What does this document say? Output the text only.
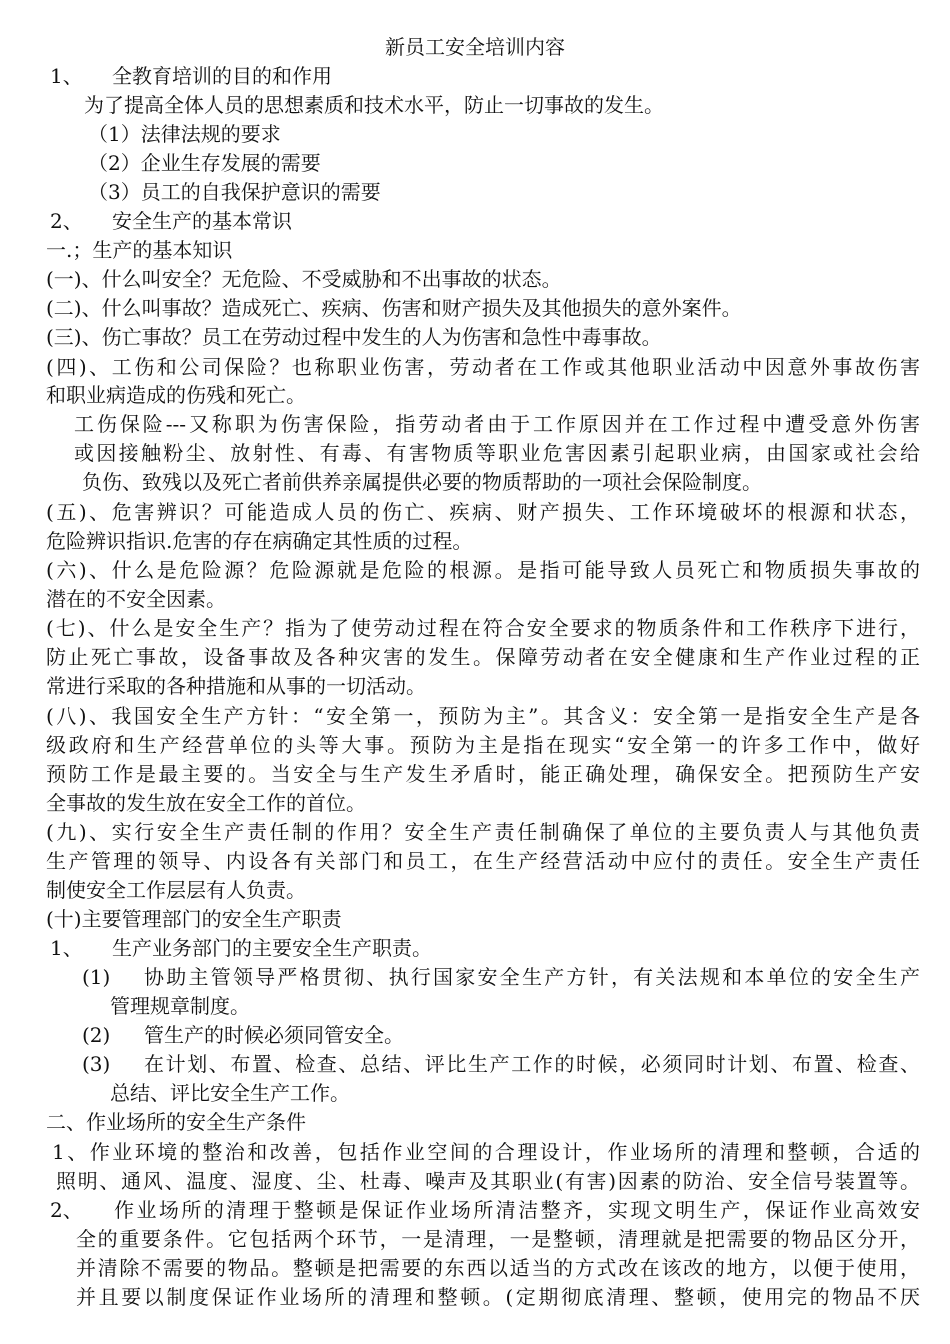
新员工安全培训内容
1、 全教育培训的目的和作用
为了提高全体人员的思想素质和技术水平，防止一切事故的发生。
（1）法律法规的要求
（2）企业生存发展的需要
（3）员工的自我保护意识的需要
2、 安全生产的基本常识
一.；生产的基本知识
(一)、什么叫安全？无危险、不受威胁和不出事故的状态。
(二)、什么叫事故？造成死亡、疾病、伤害和财产损失及其他损失的意外案件。
(三)、伤亡事故？员工在劳动过程中发生的人为伤害和急性中毒事故。
(四)、工伤和公司保险？也称职业伤害，劳动者在工作或其他职业活动中因意外事故伤害
和职业病造成的伤残和死亡。
工伤保险---又称职为伤害保险，指劳动者由于工作原因并在工作过程中遭受意外伤害
或因接触粉尘、放射性、有毒、有害物质等职业危害因素引起职业病，由国家或社会给
负伤、致残以及死亡者前供养亲属提供必要的物质帮助的一项社会保险制度。
(五)、危害辨识？可能造成人员的伤亡、疾病、财产损失、工作环境破坏的根源和状态，
危险辨识指识.危害的存在病确定其性质的过程。
(六)、什么是危险源？危险源就是危险的根源。是指可能导致人员死亡和物质损失事故的
潜在的不安全因素。
(七)、什么是安全生产？指为了使劳动过程在符合安全要求的物质条件和工作秩序下进行，
防止死亡事故，设备事故及各种灾害的发生。保障劳动者在安全健康和生产作业过程的正
常进行采取的各种措施和从事的一切活动。
(八)、我国安全生产方针：“安全第一，预防为主”。其含义：安全第一是指安全生产是各
级政府和生产经营单位的头等大事。预防为主是指在现实“安全第一的许多工作中，做好
预防工作是最主要的。当安全与生产发生矛盾时，能正确处理，确保安全。把预防生产安
全事故的发生放在安全工作的首位。
(九)、实行安全生产责任制的作用？安全生产责任制确保了单位的主要负责人与其他负责
生产管理的领导、内设各有关部门和员工，在生产经营活动中应付的责任。安全生产责任
制使安全工作层层有人负责。
(十)主要管理部门的安全生产职责
1、 生产业务部门的主要安全生产职责。
(1) 协助主管领导严格贯彻、执行国家安全生产方针，有关法规和本单位的安全生产
管理规章制度。
(2) 管生产的时候必须同管安全。
(3) 在计划、布置、检查、总结、评比生产工作的时候，必须同时计划、布置、检查、
总结、评比安全生产工作。
二、作业场所的安全生产条件
1、作业环境的整治和改善，包括作业空间的合理设计，作业场所的清理和整顿，合适的
照明、通风、温度、湿度、尘、杜毒、噪声及其职业(有害)因素的防治、安全信号装置等。
2、 作业场所的清理于整顿是保证作业场所清洁整齐，实现文明生产，保证作业高效安
全的重要条件。它包括两个环节，一是清理，一是整顿，清理就是把需要的物品区分开，
并清除不需要的物品。整顿是把需要的东西以适当的方式改在该改的地方，以便于使用，
并且要以制度保证作业场所的清理和整顿。(定期彻底清理、整顿，使用完的物品不厌
